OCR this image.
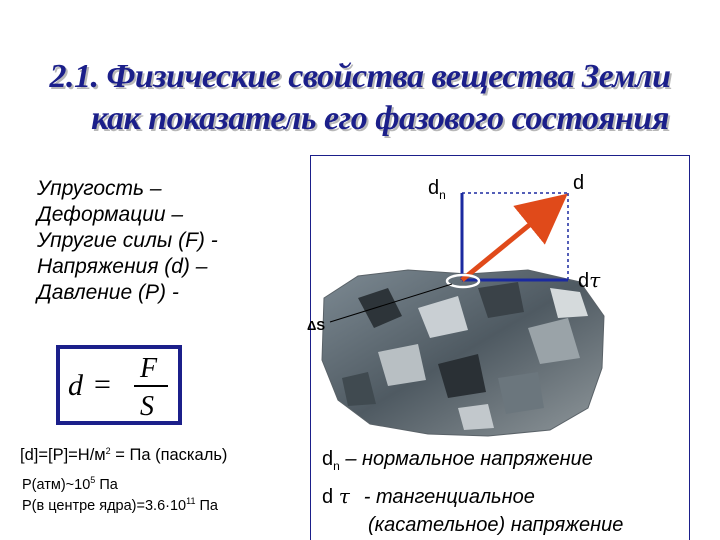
2.1. Физические свойства вещества Земли
как показатель его фазового состояния
Упругость –
Деформации –
Упругие силы (F) -
Напряжения (d) –
Давление (P) -
d = F
S
$[d]=[P]=Н/м^2$ = Па (паскаль)
$P(атм)\sim 10^5$ Па
P(в центре $ядра)=3.6\cdot 10^{11}$ Па
$d_n$
d
dτ
ΔS
$d_n$ – нормальное напряжение
d τ - тангенциальное
(касательное) напряжение
